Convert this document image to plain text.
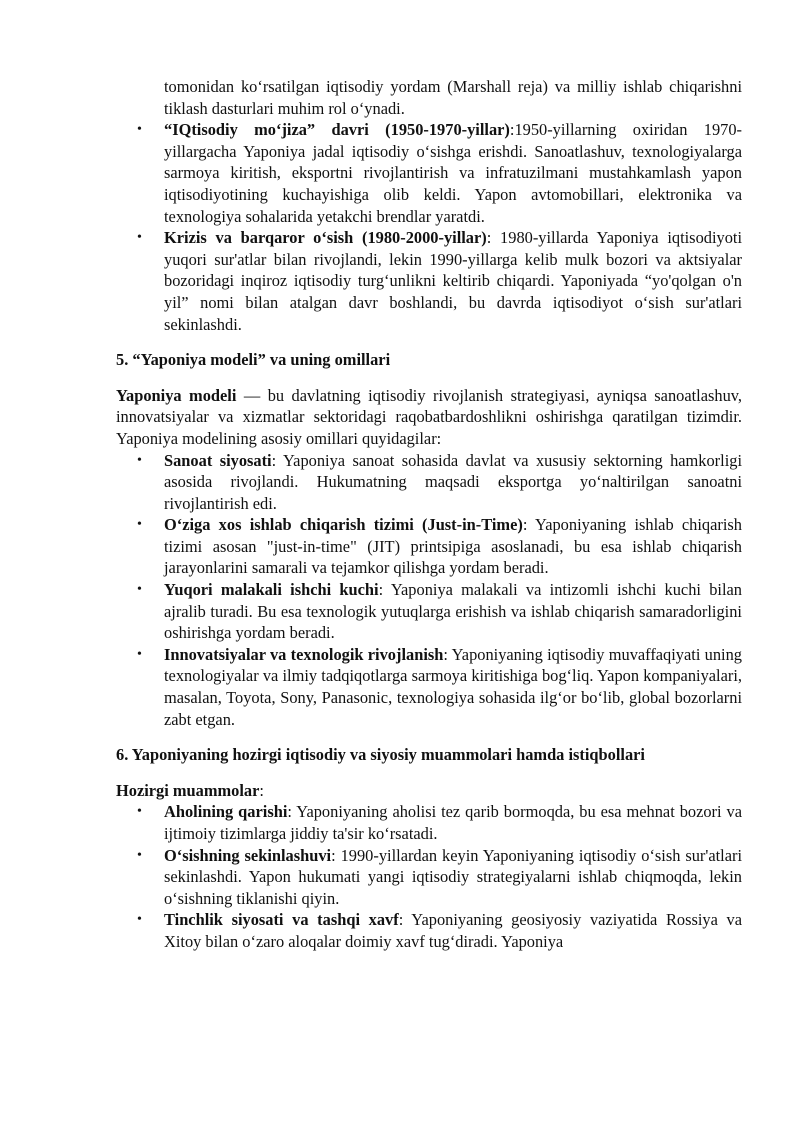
tomonidan ko‘rsatilgan iqtisodiy yordam (Marshall reja) va milliy ishlab chiqarishni tiklash dasturlari muhim rol o‘ynadi.
• “IQtisodiy mo‘jiza” davri (1950-1970-yillar):1950-yillarning oxiridan 1970-yillargacha Yaponiya jadal iqtisodiy o‘sishga erishdi. Sanoatlashuv, texnologiyalarga sarmoya kiritish, eksportni rivojlantirish va infratuzilmani mustahkamlash yapon iqtisodiyotining kuchayishiga olib keldi. Yapon avtomobillari, elektronika va texnologiya sohalarida yetakchi brendlar yaratdi.
• Krizis va barqaror o‘sish (1980-2000-yillar): 1980-yillarda Yaponiya iqtisodiyoti yuqori sur'atlar bilan rivojlandi, lekin 1990-yillarga kelib mulk bozori va aktsiyalar bozoridagi inqiroz iqtisodiy turg‘unlikni keltirib chiqardi. Yaponiyada “yo'qolgan o'n yil” nomi bilan atalgan davr boshlandi, bu davrda iqtisodiyot o‘sish sur'atlari sekinlashdi.

5. “Yaponiya modeli” va uning omillari

Yaponiya modeli — bu davlatning iqtisodiy rivojlanish strategiyasi, ayniqsa sanoatlashuv, innovatsiyalar va xizmatlar sektoridagi raqobatbardoshlikni oshirishga qaratilgan tizimdir. Yaponiya modelining asosiy omillari quyidagilar:

• Sanoat siyosati: Yaponiya sanoat sohasida davlat va xususiy sektorning hamkorligi asosida rivojlandi. Hukumatning maqsadi eksportga yo‘naltirilgan sanoatni rivojlantirish edi.
• O‘ziga xos ishlab chiqarish tizimi (Just-in-Time): Yaponiyaning ishlab chiqarish tizimi asosan "just-in-time" (JIT) printsipiga asoslanadi, bu esa ishlab chiqarish jarayonlarini samarali va tejamkor qilishga yordam beradi.
• Yuqori malakali ishchi kuchi: Yaponiya malakali va intizomli ishchi kuchi bilan ajralib turadi. Bu esa texnologik yutuqlarga erishish va ishlab chiqarish samaradorligini oshirishga yordam beradi.
• Innovatsiyalar va texnologik rivojlanish: Yaponiyaning iqtisodiy muvaffaqiyati uning texnologiyalar va ilmiy tadqiqotlarga sarmoya kiritishiga bog‘liq. Yapon kompaniyalari, masalan, Toyota, Sony, Panasonic, texnologiya sohasida ilg‘or bo‘lib, global bozorlarni zabt etgan.

6. Yaponiyaning hozirgi iqtisodiy va siyosiy muammolari hamda istiqbollari

Hozirgi muammolar:

• Aholining qarishi: Yaponiyaning aholisi tez qarib bormoqda, bu esa mehnat bozori va ijtimoiy tizimlarga jiddiy ta'sir ko‘rsatadi.
• O‘sishning sekinlashuvi: 1990-yillardan keyin Yaponiyaning iqtisodiy o‘sish sur'atlari sekinlashdi. Yapon hukumati yangi iqtisodiy strategiyalarni ishlab chiqmoqda, lekin o‘sishning tiklanishi qiyin.
• Tinchlik siyosati va tashqi xavf: Yaponiyaning geosiyosiy vaziyatida Rossiya va Xitoy bilan o‘zaro aloqalar doimiy xavf tug‘diradi. Yaponiya
